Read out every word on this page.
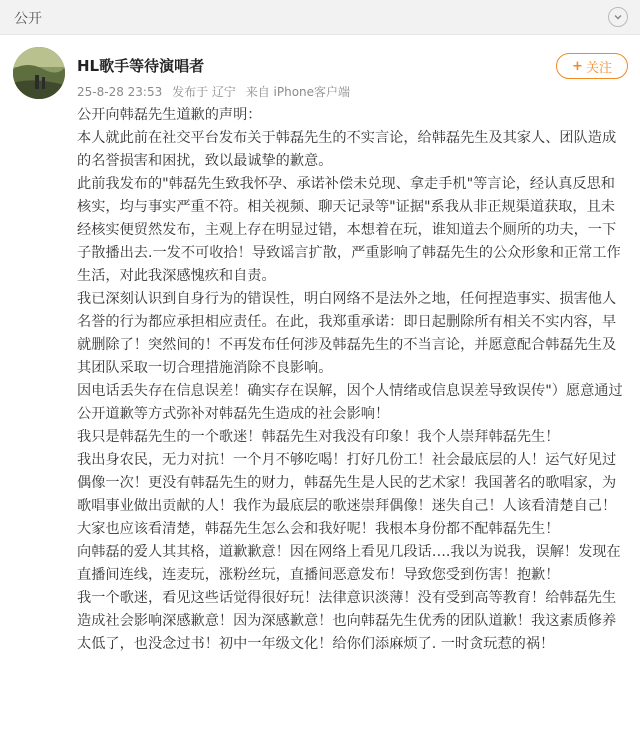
公开
HL歌手等待演唱者
25-8-28 23:53 发布于 辽宁 来自 iPhone客户端
+ 关注

公开向韩磊先生道歉的声明：

本人就此前在社交平台发布关于韩磊先生的不实言论，给韩磊先生及其家人、团队造成的名誉损害和困扰，致以最诚挚的歉意。

此前我发布的"韩磊先生致我怀孕、承诺补偿未兑现、拿走手机"等言论，经认真反思和核实，均与事实严重不符。相关视频、聊天记录等"证据"系我从非正规渠道获取，且未经核实便贸然发布，主观上存在明显过错，本想着在玩，谁知道去个厕所的功夫，一下子散播出去.一发不可收拾！导致谣言扩散，严重影响了韩磊先生的公众形象和正常工作生活，对此我深感愧疚和自责。

我已深刻认识到自身行为的错误性，明白网络不是法外之地，任何捏造事实、损害他人名誉的行为都应承担相应责任。在此，我郑重承诺：即日起删除所有相关不实内容，早就删除了！突然间的！不再发布任何涉及韩磊先生的不当言论，并愿意配合韩磊先生及其团队采取一切合理措施消除不良影响。

因电话丢失存在信息误差！确实存在误解，因个人情绪或信息误差导致误传"）愿意通过公开道歉等方式弥补对韩磊先生造成的社会影响！

我只是韩磊先生的一个歌迷！韩磊先生对我没有印象！我个人崇拜韩磊先生！

我出身农民，无力对抗！一个月不够吃喝！打好几份工！社会最底层的人！运气好见过偶像一次！更没有韩磊先生的财力，韩磊先生是人民的艺术家！我国著名的歌唱家，为歌唱事业做出贡献的人！我作为最底层的歌迷崇拜偶像！迷失自己！人该看清楚自己！大家也应该看清楚，韩磊先生怎么会和我好呢！我根本身份都不配韩磊先生！

向韩磊的爱人其其格，道歉歉意！因在网络上看见几段话….我以为说我，误解！发现在直播间连线，连麦玩，涨粉丝玩，直播间恶意发布！导致您受到伤害！抱歉！

我一个歌迷，看见这些话觉得很好玩！法律意识淡薄！没有受到高等教育！给韩磊先生造成社会影响深感歉意！因为深感歉意！也向韩磊先生优秀的团队道歉！我这素质修养太低了，也没念过书！初中一年级文化！给你们添麻烦了. 一时贪玩惹的祸！
